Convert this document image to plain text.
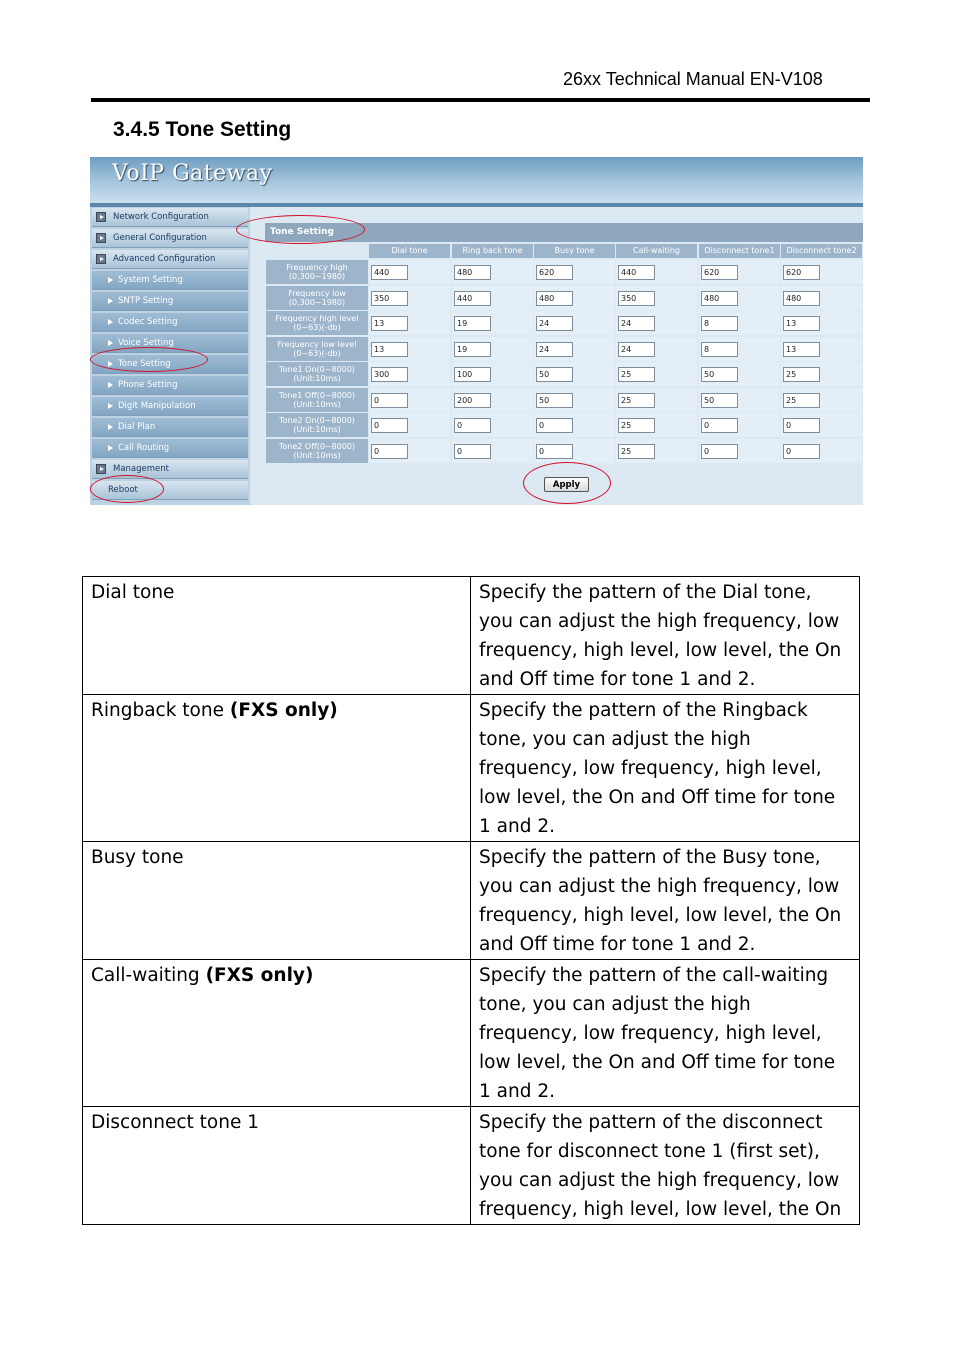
26xx Technical Manual EN-V108
3.4.5 Tone Setting
VoIP Gateway
Network Configuration
General Configuration
Advanced Configuration
System Setting
SNTP Setting
Codec Setting
Voice Setting
Tone Setting
Phone Setting
Digit Manipulation
Dial Plan
Call Routing
Management
Reboot
Tone Setting
Dial tone	Ring back tone	Busy tone	Call-waiting	Disconnect tone1	Disconnect tone2
Frequency high
(0,300~1980)	440	480	620	440	620	620
Frequency low
(0,300~1980)	350	440	480	350	480	480
Frequency high level
(0~63)(-db)	13	19	24	24	8	13
Frequency low level
(0~63)(-db)	13	19	24	24	8	13
Tone1 On(0~8000)
(Unit:10ms)	300	100	50	25	50	25
Tone1 Off(0~8000)
(Unit:10ms)	0	200	50	25	50	25
Tone2 On(0~8000)
(Unit:10ms)	0	0	0	25	0	0
Tone2 Off(0~8000)
(Unit:10ms)	0	0	0	25	0	0
Apply
Dial tone	Specify the pattern of the Dial tone, you can adjust the high frequency, low frequency, high level, low level, the On and Off time for tone 1 and 2.
Ringback tone (FXS only)	Specify the pattern of the Ringback tone, you can adjust the high frequency, low frequency, high level, low level, the On and Off time for tone 1 and 2.
Busy tone	Specify the pattern of the Busy tone, you can adjust the high frequency, low frequency, high level, low level, the On and Off time for tone 1 and 2.
Call-waiting (FXS only)	Specify the pattern of the call-waiting tone, you can adjust the high frequency, low frequency, high level, low level, the On and Off time for tone 1 and 2.
Disconnect tone 1	Specify the pattern of the disconnect tone for disconnect tone 1 (first set), you can adjust the high frequency, low frequency, high level, low level, the On
